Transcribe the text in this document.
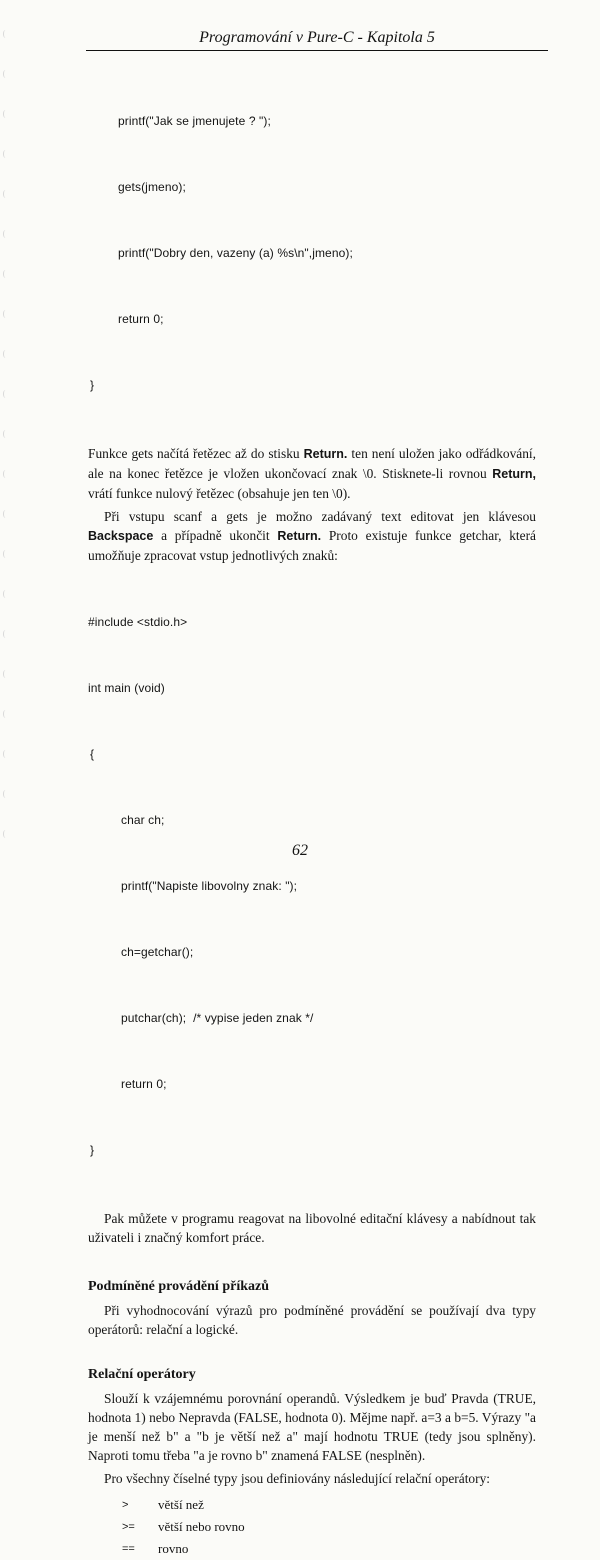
Programování v Pure-C - Kapitola 5

printf("Jak se jmenujete ? ");

gets(jmeno);

printf("Dobry den, vazeny (a) %s\n",jmeno);

return 0;

}

Funkce gets načítá řetězec až do stisku Return. ten není uložen jako odřádkování, ale na konec řetězce je vložen ukončovací znak \0. Stisknete-li rovnou Return, vrátí funkce nulový řetězec (obsahuje jen ten \0).

Při vstupu scanf a gets je možno zadávaný text editovat jen klávesou Backspace a případně ukončit Return. Proto existuje funkce getchar, která umožňuje zpracovat vstup jednotlivých znaků:

#include <stdio.h>

int main (void)

{

char ch;

printf("Napiste libovolny znak: ");

ch=getchar();

putchar(ch);  /* vypise jeden znak */

return 0;

}

Pak můžete v programu reagovat na libovolné editační klávesy a nabídnout tak uživateli i značný komfort práce.

Podmíněné provádění příkazů

Při vyhodnocování výrazů pro podmíněné provádění se používají dva typy operátorů: relační a logické.

Relační operátory

Slouží k vzájemnému porovnání operandů. Výsledkem je buď Pravda (TRUE, hodnota 1) nebo Nepravda (FALSE, hodnota 0). Mějme např. a=3 a b=5. Výrazy "a je menší než b" a "b je větší než a" mají hodnotu TRUE (tedy jsou splněny). Naproti tomu třeba "a je rovno b" znamená FALSE (nesplněn).

Pro všechny číselné typy jsou definiovány následující relační operátory:

>	větší než
>=	větší nebo rovno
==	rovno
62
